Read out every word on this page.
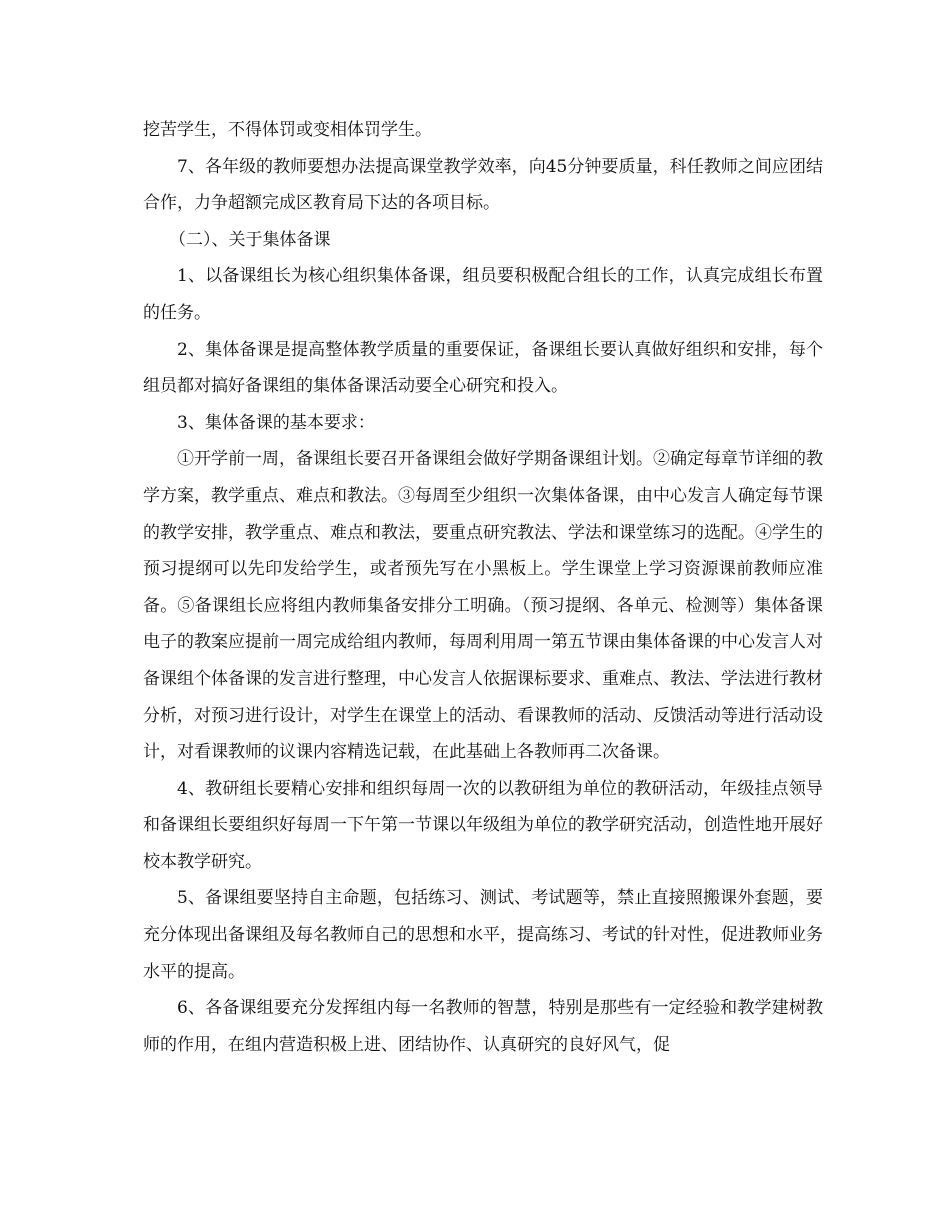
挖苦学生，不得体罚或变相体罚学生。

7、各年级的教师要想办法提高课堂教学效率，向45分钟要质量，科任教师之间应团结合作，力争超额完成区教育局下达的各项目标。

（二）、关于集体备课

1、以备课组长为核心组织集体备课，组员要积极配合组长的工作，认真完成组长布置的任务。

2、集体备课是提高整体教学质量的重要保证，备课组长要认真做好组织和安排，每个组员都对搞好备课组的集体备课活动要全心研究和投入。

3、集体备课的基本要求：

①开学前一周，备课组长要召开备课组会做好学期备课组计划。②确定每章节详细的教学方案，教学重点、难点和教法。③每周至少组织一次集体备课，由中心发言人确定每节课的教学安排，教学重点、难点和教法，要重点研究教法、学法和课堂练习的选配。④学生的预习提纲可以先印发给学生，或者预先写在小黑板上。学生课堂上学习资源课前教师应准备。⑤备课组长应将组内教师集备安排分工明确。（预习提纲、各单元、检测等）集体备课电子的教案应提前一周完成给组内教师，每周利用周一第五节课由集体备课的中心发言人对备课组个体备课的发言进行整理，中心发言人依据课标要求、重难点、教法、学法进行教材分析，对预习进行设计，对学生在课堂上的活动、看课教师的活动、反馈活动等进行活动设计，对看课教师的议课内容精选记载，在此基础上各教师再二次备课。

4、教研组长要精心安排和组织每周一次的以教研组为单位的教研活动，年级挂点领导和备课组长要组织好每周一下午第一节课以年级组为单位的教学研究活动，创造性地开展好校本教学研究。

5、备课组要坚持自主命题，包括练习、测试、考试题等，禁止直接照搬课外套题，要充分体现出备课组及每名教师自己的思想和水平，提高练习、考试的针对性，促进教师业务水平的提高。

6、各备课组要充分发挥组内每一名教师的智慧，特别是那些有一定经验和教学建树教师的作用，在组内营造积极上进、团结协作、认真研究的良好风气，促
